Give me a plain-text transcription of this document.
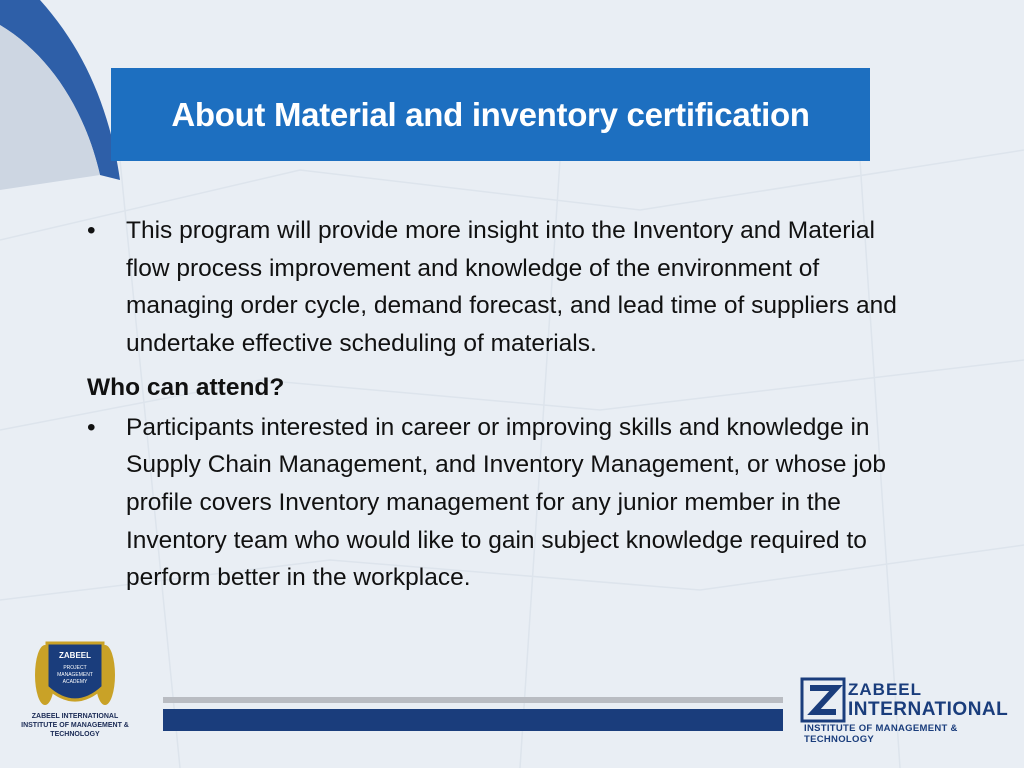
About Material and inventory certification
•	This program will provide more insight into the Inventory and Material flow process improvement and knowledge of the environment of managing order cycle, demand forecast, and lead time of suppliers and undertake effective scheduling of materials.
Who can attend?
•	Participants interested in career or improving skills and knowledge in Supply Chain Management, and Inventory Management, or whose job profile covers Inventory management for any junior member in the Inventory team who would like to gain subject knowledge required to perform better in the workplace.
ZABEEL
PROJECT
MANAGEMENT
ACADEMY
ZABEEL INTERNATIONAL
INSTITUTE OF MANAGEMENT & TECHNOLOGY
ZABEEL
INTERNATIONAL
INSTITUTE OF MANAGEMENT & TECHNOLOGY
